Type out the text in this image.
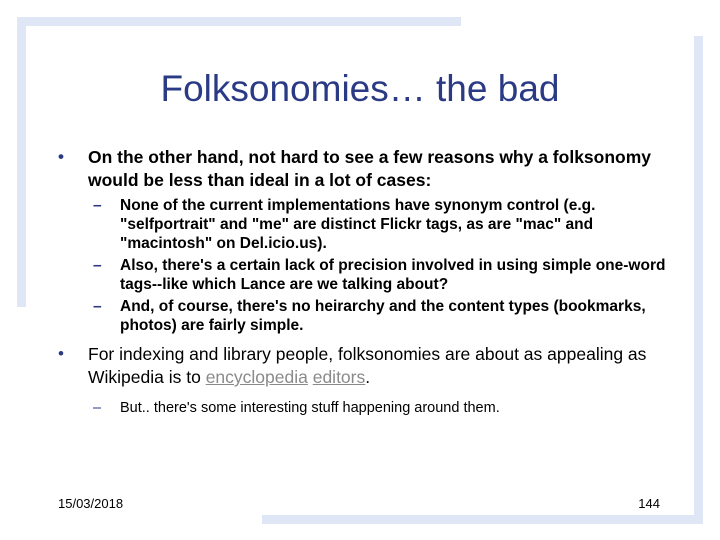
Folksonomies… the bad
• On the other hand, not hard to see a few reasons why a folksonomy would be less than ideal in a lot of cases:
– None of the current implementations have synonym control (e.g. "selfportrait" and "me" are distinct Flickr tags, as are "mac" and "macintosh" on Del.icio.us).
– Also, there's a certain lack of precision involved in using simple one-word tags--like which Lance are we talking about?
– And, of course, there's no heirarchy and the content types (bookmarks, photos) are fairly simple.
• For indexing and library people, folksonomies are about as appealing as Wikipedia is to encyclopedia editors.
– But.. there's some interesting stuff happening around them.
15/03/2018	144
